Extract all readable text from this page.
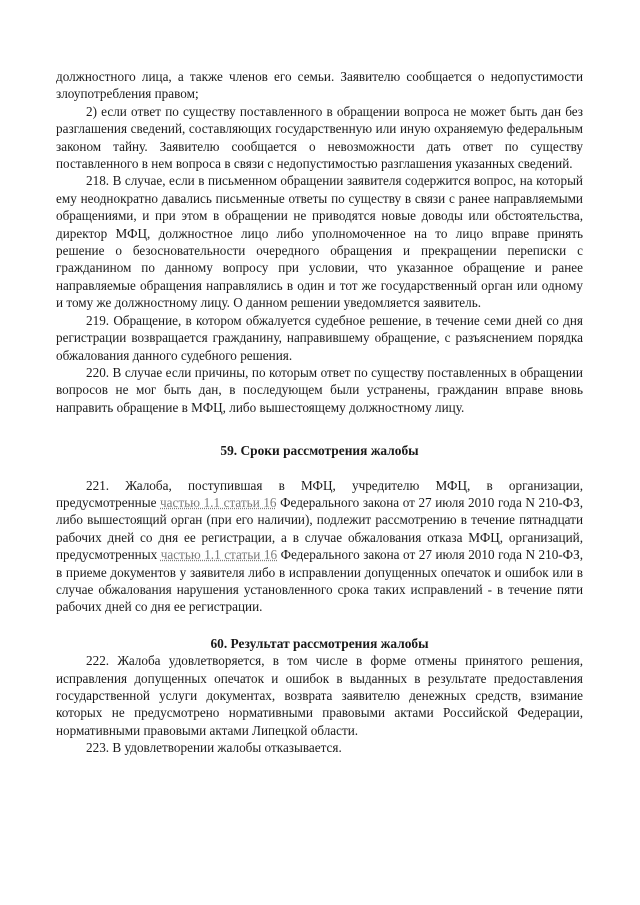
должностного лица, а также членов его семьи. Заявителю сообщается о недопустимости злоупотребления правом;

2) если ответ по существу поставленного в обращении вопроса не может быть дан без разглашения сведений, составляющих государственную или иную охраняемую федеральным законом тайну. Заявителю сообщается о невозможности дать ответ по существу поставленного в нем вопроса в связи с недопустимостью разглашения указанных сведений.

218. В случае, если в письменном обращении заявителя содержится вопрос, на который ему неоднократно давались письменные ответы по существу в связи с ранее направляемыми обращениями, и при этом в обращении не приводятся новые доводы или обстоятельства, директор МФЦ, должностное лицо либо уполномоченное на то лицо вправе принять решение о безосновательности очередного обращения и прекращении переписки с гражданином по данному вопросу при условии, что указанное обращение и ранее направляемые обращения направлялись в один и тот же государственный орган или одному и тому же должностному лицу. О данном решении уведомляется заявитель.

219. Обращение, в котором обжалуется судебное решение, в течение семи дней со дня регистрации возвращается гражданину, направившему обращение, с разъяснением порядка обжалования данного судебного решения.

220. В случае если причины, по которым ответ по существу поставленных в обращении вопросов не мог быть дан, в последующем были устранены, гражданин вправе вновь направить обращение в МФЦ, либо вышестоящему должностному лицу.

59. Сроки рассмотрения жалобы

221. Жалоба, поступившая в МФЦ, учредителю МФЦ, в организации, предусмотренные частью 1.1 статьи 16 Федерального закона от 27 июля 2010 года N 210-ФЗ, либо вышестоящий орган (при его наличии), подлежит рассмотрению в течение пятнадцати рабочих дней со дня ее регистрации, а в случае обжалования отказа МФЦ, организаций, предусмотренных частью 1.1 статьи 16 Федерального закона от 27 июля 2010 года N 210-ФЗ, в приеме документов у заявителя либо в исправлении допущенных опечаток и ошибок или в случае обжалования нарушения установленного срока таких исправлений - в течение пяти рабочих дней со дня ее регистрации.

60. Результат рассмотрения жалобы

222. Жалоба удовлетворяется, в том числе в форме отмены принятого решения, исправления допущенных опечаток и ошибок в выданных в результате предоставления государственной услуги документах, возврата заявителю денежных средств, взимание которых не предусмотрено нормативными правовыми актами Российской Федерации, нормативными правовыми актами Липецкой области.

223. В удовлетворении жалобы отказывается.
